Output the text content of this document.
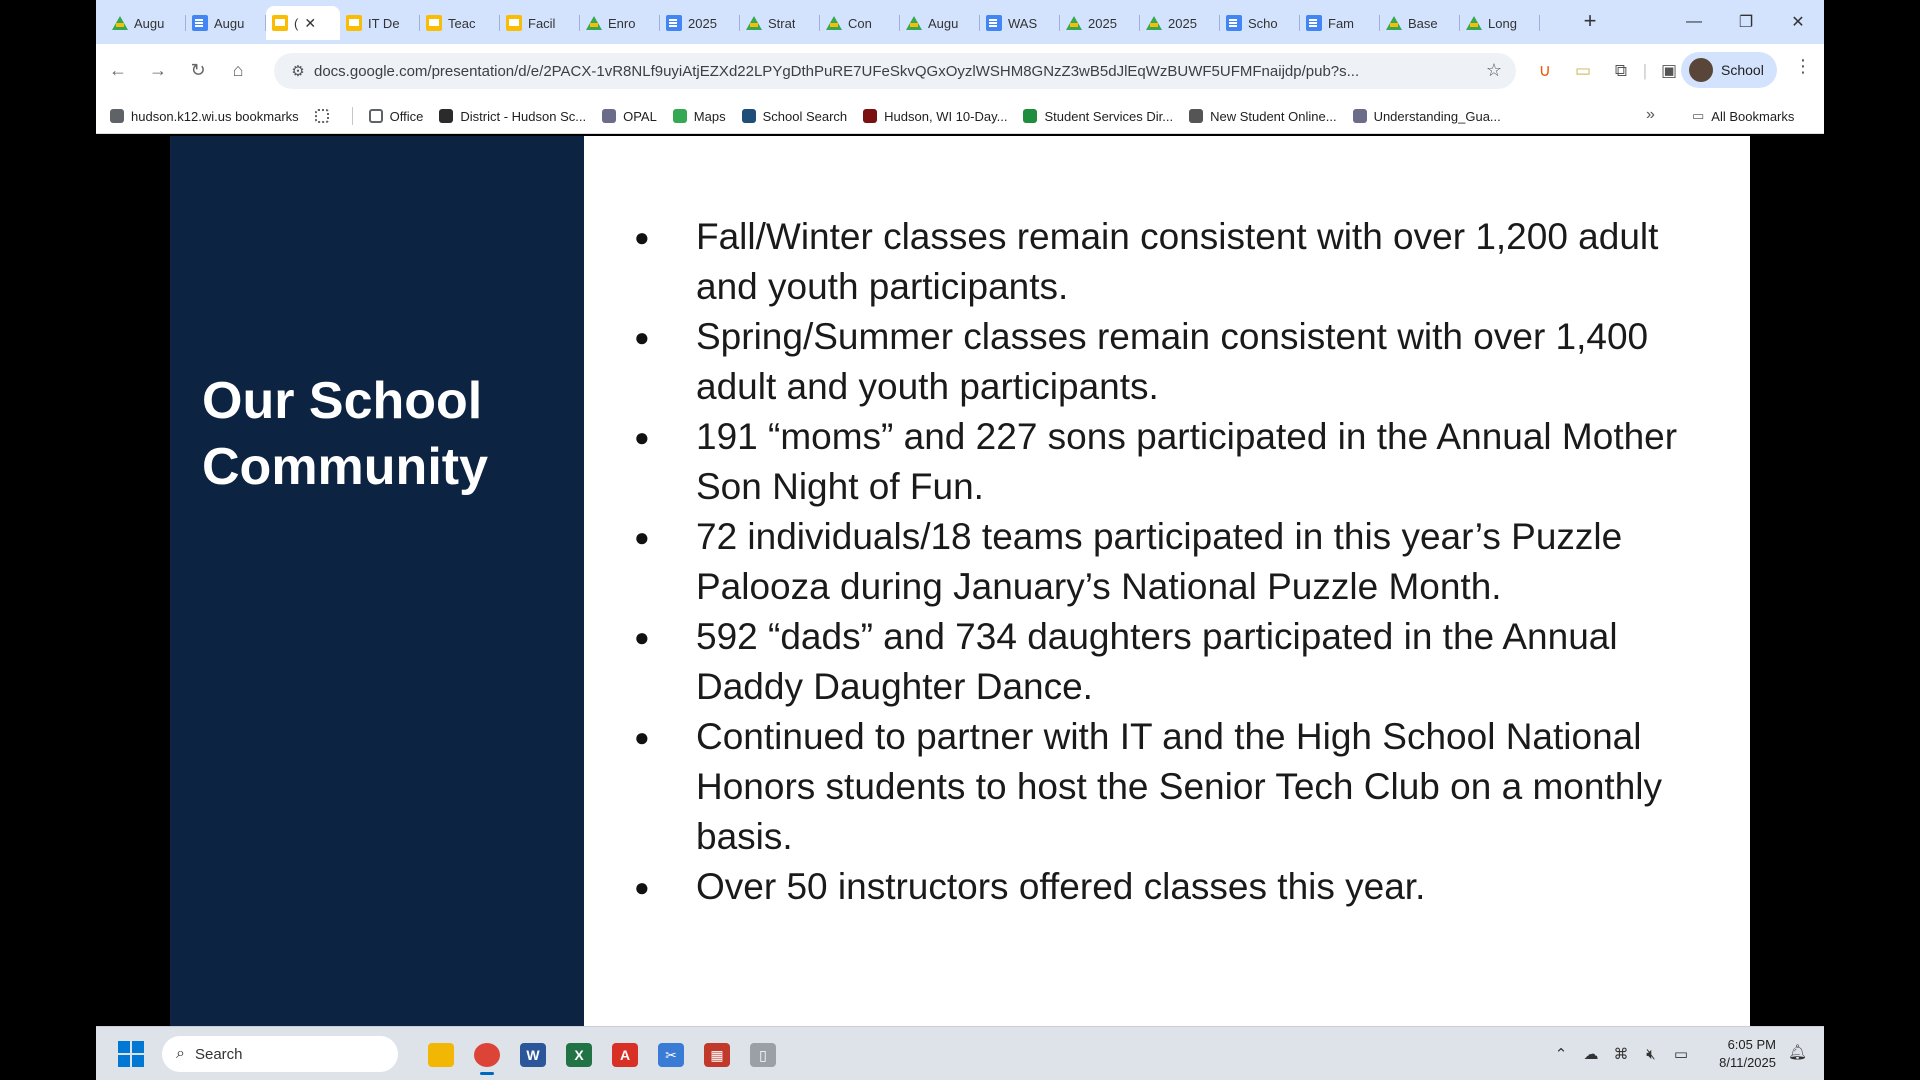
Augu	Augu	( ✕	IT De	Teac	Facil	Enro	2025	Strat	Con	Augu	WAS	2025	2025	Scho	Fam	Base	Long	+	—	❐	✕
←	→	↻	⌂	⚙ docs.google.com/presentation/d/e/2PACX-1vR8NLf9uyiAtjEZXd22LPYgDthPuRE7UFeSkvQGxOyzlWSHM8GNzZ3wB5dJlEqWzBUWF5UFMFnaijdp/pub?s...	☆	∪	▭	⧉ | ▣	School ⋮
hudson.k12.wi.us bookmarks	Office	District - Hudson Sc...	OPAL	Maps	School Search	Hudson, WI 10-Day...	Student Services Dir...	New Student Online...	Understanding_Gua...	»	▭ All Bookmarks
Our School Community
● Fall/Winter classes remain consistent with over 1,200 adult and youth participants.
● Spring/Summer classes remain consistent with over 1,400 adult and youth participants.
● 191 “moms” and 227 sons participated in the Annual Mother Son Night of Fun.
● 72 individuals/18 teams participated in this year’s Puzzle Palooza during January’s National Puzzle Month.
● 592 “dads” and 734 daughters participated in the Annual Daddy Daughter Dance.
● Continued to partner with IT and the High School National Honors students to host the Senior Tech Club on a monthly basis.
● Over 50 instructors offered classes this year.
⌕ Search	W	X	A	✂	▦	▯	⌃	☁	⌘	🔇︎	▭
6:05 PM
8/11/2025
🔔︎
